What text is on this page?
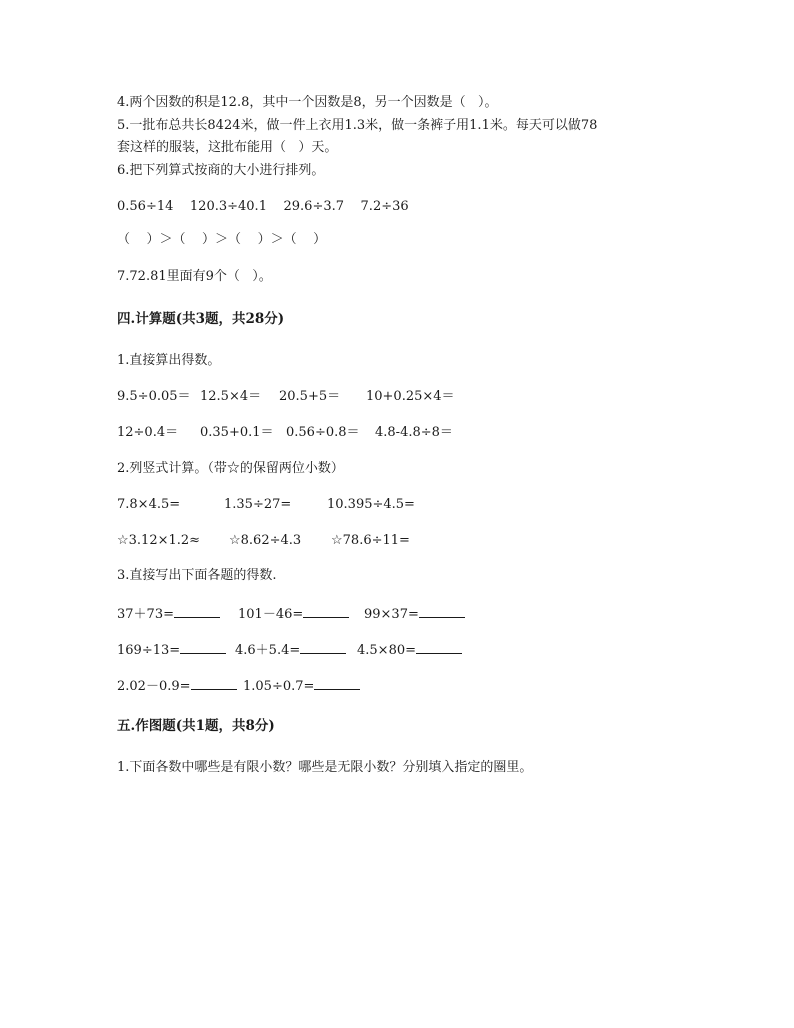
4.两个因数的积是12.8，其中一个因数是8，另一个因数是（   ）。
5.一批布总共长8424米，做一件上衣用1.3米，做一条裤子用1.1米。每天可以做78
套这样的服装，这批布能用（   ）天。
6.把下列算式按商的大小进行排列。
0.56÷14    120.3÷40.1    29.6÷3.7    7.2÷36
（    ）＞（    ）＞（    ）＞（    ）
7.72.81里面有9个（   ）。
四.计算题(共3题，共28分)
1.直接算出得数。
9.5÷0.05＝ 12.5×4＝ 20.5+5＝ 10+0.25×4＝
12÷0.4＝ 0.35+0.1＝ 0.56÷0.8＝ 4.8-4.8÷8＝
2.列竖式计算。（带☆的保留两位小数）
7.8×4.5=	1.35÷27=	10.395÷4.5=
☆3.12×1.2≈ ☆8.62÷4.3 ☆78.6÷11=
3.直接写出下面各题的得数.
37＋73=	101－46=	99×37=
169÷13=	4.6＋5.4=	4.5×80=
2.02－0.9=	1.05÷0.7=
五.作图题(共1题，共8分)
1.下面各数中哪些是有限小数？哪些是无限小数？分别填入指定的圈里。
